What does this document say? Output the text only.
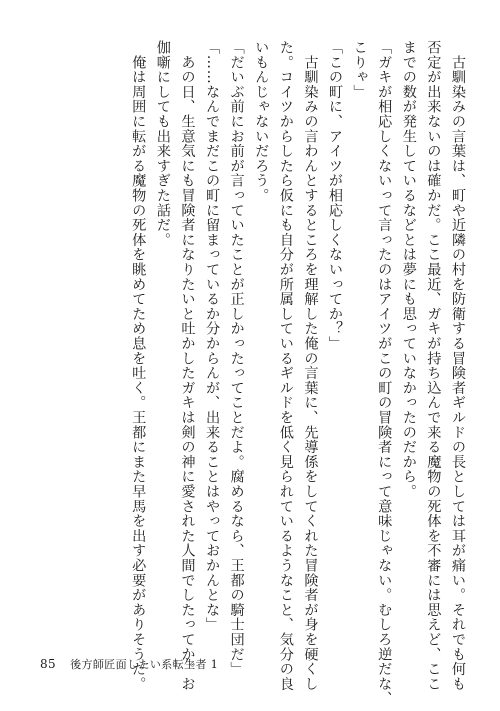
　古馴染みの言葉は、町や近隣の村を防衛する冒険者ギルドの長としては耳が痛い。それでも何も
否定が出来ないのは確かだ。ここ最近、ガキが持ち込んで来る魔物の死体を不審には思えど、ここ
までの数が発生しているなどとは夢にも思っていなかったのだから。
「ガキが相応しくないって言ったのはアイツがこの町の冒険者にって意味じゃない。むしろ逆だな、
こりゃ」
「この町に、アイツが相応しくないってか？」
　古馴染みの言わんとするところを理解した俺の言葉に、先導係をしてくれた冒険者が身を硬くし
た。コイツからしたら仮にも自分が所属しているギルドを低く見られているようなこと、気分の良
いもんじゃないだろう。
「だいぶ前にお前が言っていたことが正しかったってことだよ。腐めるなら、王都の騎士団だ」
「……なんでまだこの町に留まっているか分からんが、出来ることはやっておかんとな」
　あの日、生意気にも冒険者になりたいと吐かしたガキは剣の神に愛された人間でしたってか。お
伽噺にしても出来すぎた話だ。
　俺は周囲に転がる魔物の死体を眺めてため息を吐く。王都にまた早馬を出す必要がありそうだ。
85 後方師匠面したい系転生者 1
